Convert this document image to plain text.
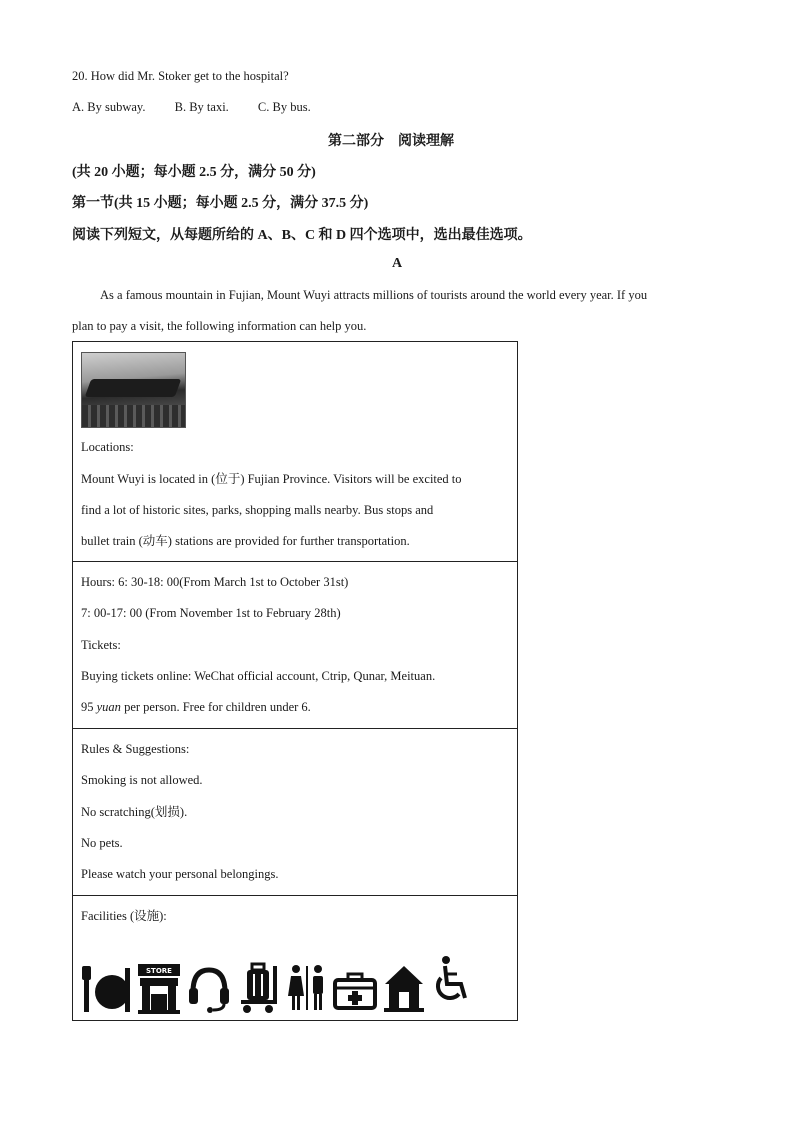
20. How did Mr. Stoker get to the hospital?
A. By subway. B. By taxi. C. By bus.
第二部分　阅读理解
(共 20 小题；每小题 2.5 分，满分 50 分)
第一节(共 15 小题；每小题 2.5 分，满分 37.5 分)
阅读下列短文，从每题所给的 A、B、C 和 D 四个选项中，选出最佳选项。
A
As a famous mountain in Fujian, Mount Wuyi attracts millions of tourists around the world every year. If you
plan to pay a visit, the following information can help you.
Locations:
Mount Wuyi is located in (位于) Fujian Province. Visitors will be excited to
find a lot of historic sites, parks, shopping malls nearby. Bus stops and
bullet train (动车) stations are provided for further transportation.
Hours: 6: 30-18: 00(From March 1st to October 31st)
7: 00-17: 00 (From November 1st to February 28th)
Tickets:
Buying tickets online: WeChat official account, Ctrip, Qunar, Meituan.
95 yuan per person. Free for children under 6.
Rules & Suggestions:
Smoking is not allowed.
No scratching(划损).
No pets.
Please watch your personal belongings.
Facilities (设施):
STORE
